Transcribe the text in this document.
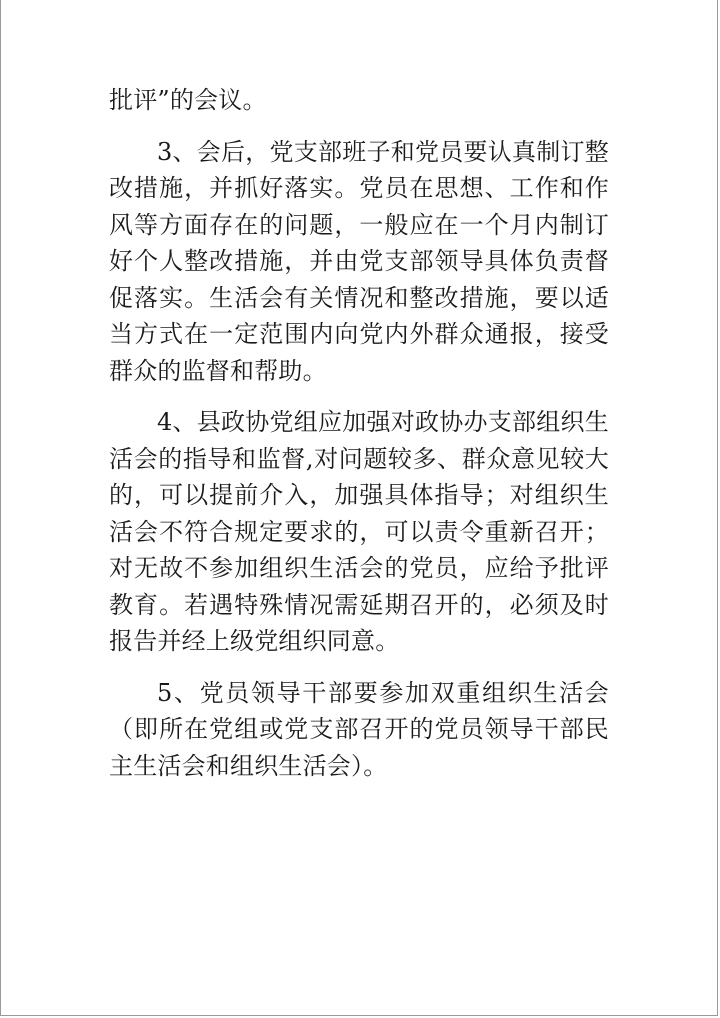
批评”的会议。

3、会后，党支部班子和党员要认真制订整改措施，并抓好落实。党员在思想、工作和作风等方面存在的问题，一般应在一个月内制订好个人整改措施，并由党支部领导具体负责督促落实。生活会有关情况和整改措施，要以适当方式在一定范围内向党内外群众通报，接受群众的监督和帮助。

4、县政协党组应加强对政协办支部组织生活会的指导和监督,对问题较多、群众意见较大的，可以提前介入，加强具体指导；对组织生活会不符合规定要求的，可以责令重新召开；对无故不参加组织生活会的党员，应给予批评教育。若遇特殊情况需延期召开的，必须及时报告并经上级党组织同意。

5、党员领导干部要参加双重组织生活会（即所在党组或党支部召开的党员领导干部民主生活会和组织生活会）。
